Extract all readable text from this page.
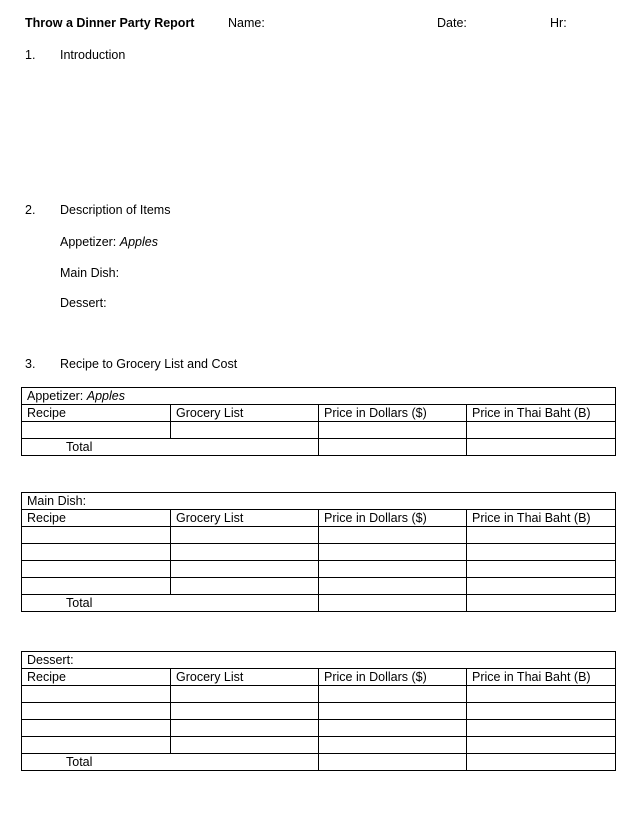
Throw a Dinner Party Report	Name:	Date:	Hr:
1. Introduction
2. Description of Items
Appetizer: Apples
Main Dish:
Dessert:
3. Recipe to Grocery List and Cost
Appetizer: Apples			
Recipe	Grocery List	Price in Dollars ($)	Price in Thai Baht (B)

Total			
Main Dish:			
Recipe	Grocery List	Price in Dollars ($)	Price in Thai Baht (B)

Total			
Dessert:			
Recipe	Grocery List	Price in Dollars ($)	Price in Thai Baht (B)

Total			
